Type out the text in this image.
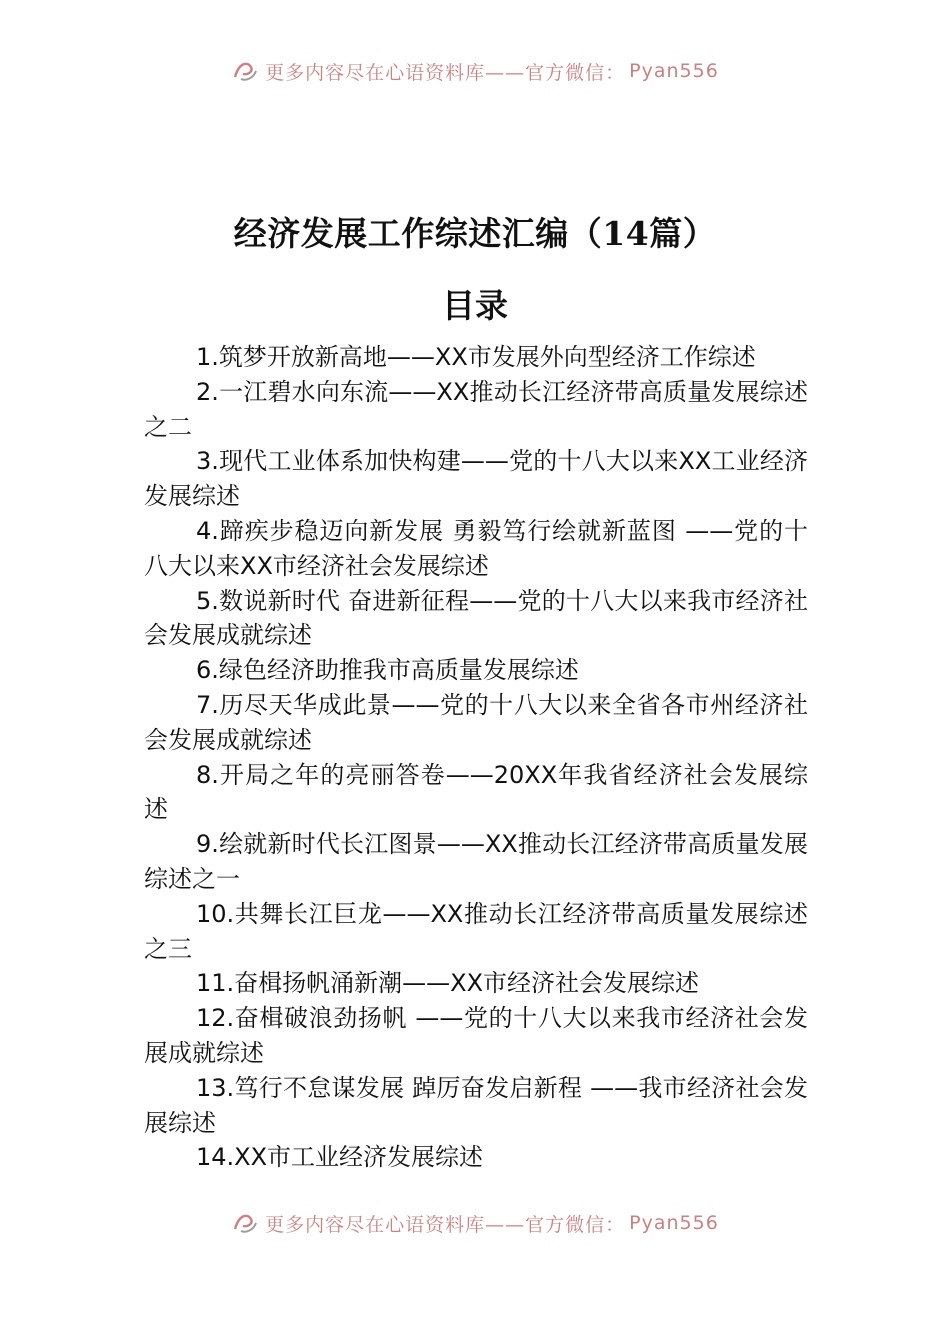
更多内容尽在心语资料库——官方微信： Pyan556
经济发展工作综述汇编（14篇）
目录
1.筑梦开放新高地——XX市发展外向型经济工作综述
2.一江碧水向东流——XX推动长江经济带高质量发展综述之二
3.现代工业体系加快构建——党的十八大以来XX工业经济发展综述
4.蹄疾步稳迈向新发展 勇毅笃行绘就新蓝图 ——党的十八大以来XX市经济社会发展综述
5.数说新时代 奋进新征程——党的十八大以来我市经济社会发展成就综述
6.绿色经济助推我市高质量发展综述
7.历尽天华成此景——党的十八大以来全省各市州经济社会发展成就综述
8.开局之年的亮丽答卷——20XX年我省经济社会发展综述
9.绘就新时代长江图景——XX推动长江经济带高质量发展综述之一
10.共舞长江巨龙——XX推动长江经济带高质量发展综述之三
11.奋楫扬帆涌新潮——XX市经济社会发展综述
12.奋楫破浪劲扬帆 ——党的十八大以来我市经济社会发展成就综述
13.笃行不怠谋发展 踔厉奋发启新程 ——我市经济社会发展综述
14.XX市工业经济发展综述
更多内容尽在心语资料库——官方微信： Pyan556
